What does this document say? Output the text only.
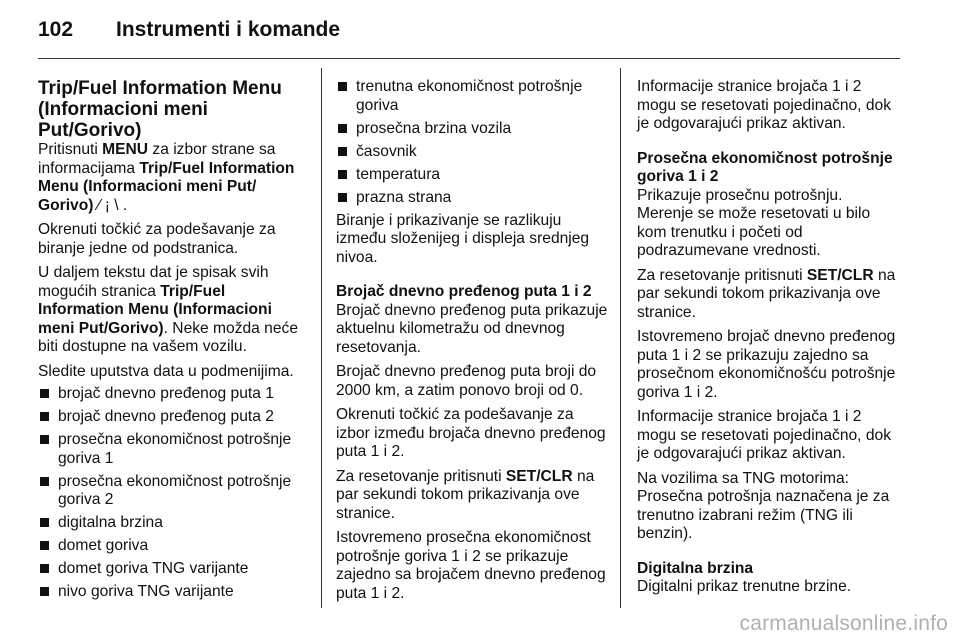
102	Instrumenti i komande
Trip/Fuel Information Menu (Informacioni meni Put/Gorivo)

Pritisnuti MENU za izbor strane sa informacijama Trip/Fuel Information Menu (Informacioni meni Put/ Gorivo) ⁄ ¡ \ .

Okrenuti točkić za podešavanje za biranje jedne od podstranica.

U daljem tekstu dat je spisak svih mogućih stranica Trip/Fuel Information Menu (Informacioni meni Put/Gorivo). Neke možda neće biti dostupne na vašem vozilu.

Sledite uputstva data u podmenijima.

brojač dnevno pređenog puta 1
brojač dnevno pređenog puta 2
prosečna ekonomičnost potrošnje goriva 1
prosečna ekonomičnost potrošnje goriva 2
digitalna brzina
domet goriva
domet goriva TNG varijante
nivo goriva TNG varijante
trenutna ekonomičnost potrošnje goriva
prosečna brzina vozila
časovnik
temperatura
prazna strana

Biranje i prikazivanje se razlikuju između složenijeg i displeja srednjeg nivoa.

Brojač dnevno pređenog puta 1 i 2

Brojač dnevno pređenog puta prikazuje aktuelnu kilometražu od dnevnog resetovanja.

Brojač dnevno pređenog puta broji do 2000 km, a zatim ponovo broji od 0.

Okrenuti točkić za podešavanje za izbor između brojača dnevno pređenog puta 1 i 2.

Za resetovanje pritisnuti SET/CLR na par sekundi tokom prikazivanja ove stranice.

Istovremeno prosečna ekonomičnost potrošnje goriva 1 i 2 se prikazuje zajedno sa brojačem dnevno pređenog puta 1 i 2.

Informacije stranice brojača 1 i 2 mogu se resetovati pojedinačno, dok je odgovarajući prikaz aktivan.

Prosečna ekonomičnost potrošnje goriva 1 i 2

Prikazuje prosečnu potrošnju. Merenje se može resetovati u bilo kom trenutku i početi od podrazumevane vrednosti.

Za resetovanje pritisnuti SET/CLR na par sekundi tokom prikazivanja ove stranice.

Istovremeno brojač dnevno pređenog puta 1 i 2 se prikazuju zajedno sa prosečnom ekonomičnošću potrošnje goriva 1 i 2.

Informacije stranice brojača 1 i 2 mogu se resetovati pojedinačno, dok je odgovarajući prikaz aktivan.

Na vozilima sa TNG motorima: Prosečna potrošnja naznačena je za trenutno izabrani režim (TNG ili benzin).

Digitalna brzina

Digitalni prikaz trenutne brzine.

carmanualsonline.info
